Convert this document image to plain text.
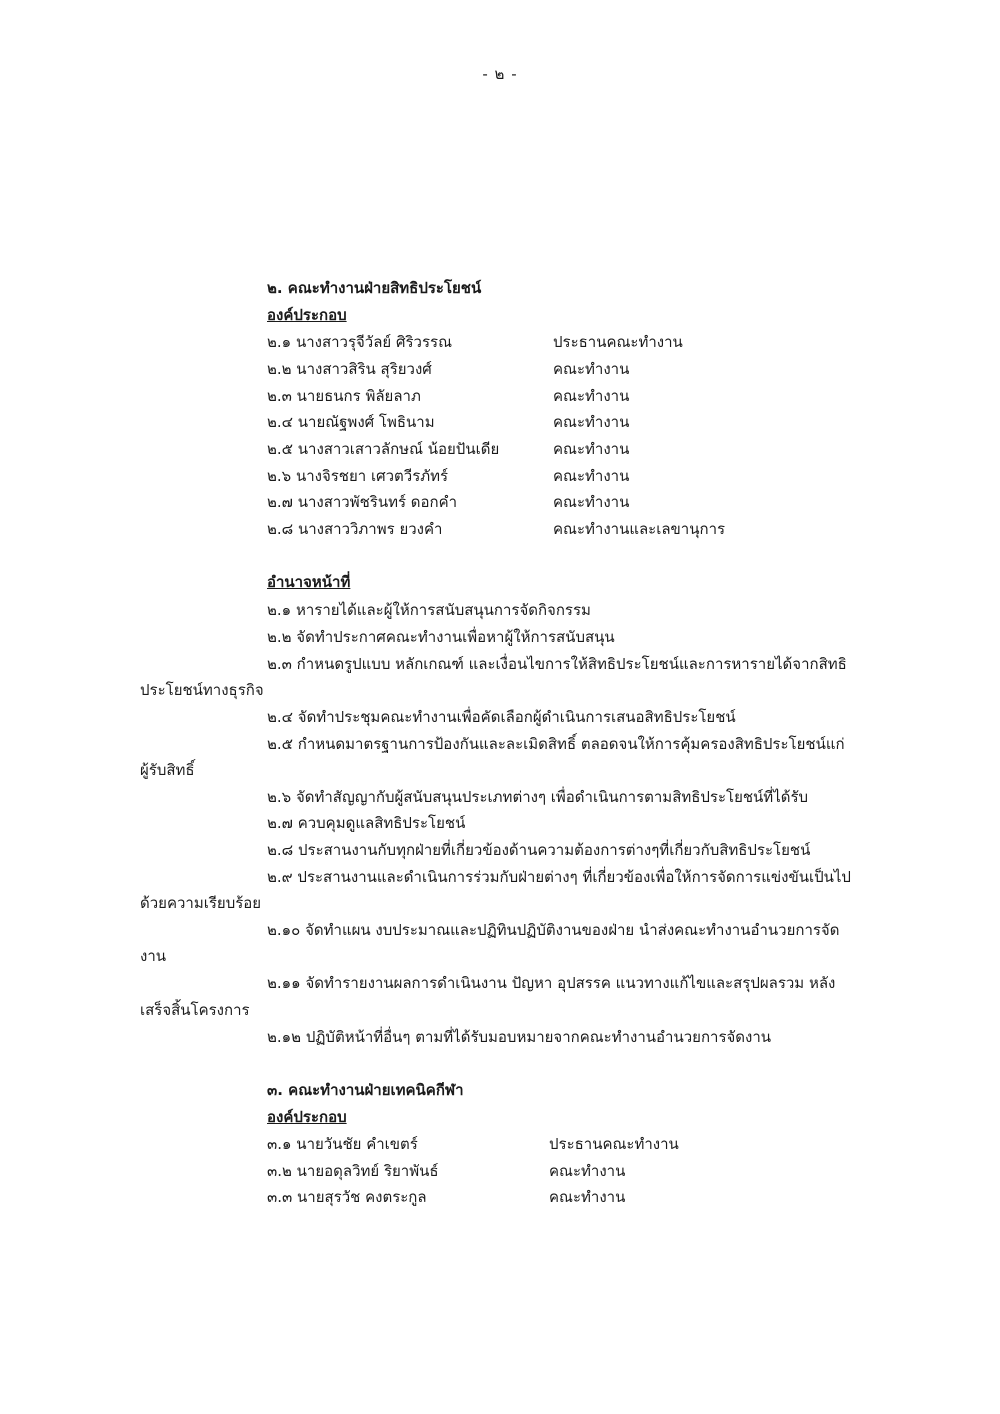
- ๒ -
๒. คณะทำงานฝ่ายสิทธิประโยชน์
องค์ประกอบ
๒.๑ นางสาวรุจีวัลย์ ศิริวรรณ	ประธานคณะทำงาน
๒.๒ นางสาวสิริน สุริยวงศ์	คณะทำงาน
๒.๓ นายธนกร พิลัยลาภ	คณะทำงาน
๒.๔ นายณัฐพงศ์ โพธินาม	คณะทำงาน
๒.๕ นางสาวเสาวลักษณ์ น้อยปันเดีย	คณะทำงาน
๒.๖ นางจิรชยา เศวตวีรภัทร์	คณะทำงาน
๒.๗ นางสาวพัชรินทร์ ดอกคำ	คณะทำงาน
๒.๘ นางสาววิภาพร ยวงคำ	คณะทำงานและเลขานุการ
อำนาจหน้าที่
๒.๑ หารายได้และผู้ให้การสนับสนุนการจัดกิจกรรม
๒.๒ จัดทำประกาศคณะทำงานเพื่อหาผู้ให้การสนับสนุน
๒.๓ กำหนดรูปแบบ หลักเกณฑ์ และเงื่อนไขการให้สิทธิประโยชน์และการหารายได้จากสิทธิ
ประโยชน์ทางธุรกิจ
๒.๔ จัดทำประชุมคณะทำงานเพื่อคัดเลือกผู้ดำเนินการเสนอสิทธิประโยชน์
๒.๕ กำหนดมาตรฐานการป้องกันและละเมิดสิทธิ์ ตลอดจนให้การคุ้มครองสิทธิประโยชน์แก่
ผู้รับสิทธิ์
๒.๖ จัดทำสัญญากับผู้สนับสนุนประเภทต่างๆ เพื่อดำเนินการตามสิทธิประโยชน์ที่ได้รับ
๒.๗ ควบคุมดูแลสิทธิประโยชน์
๒.๘ ประสานงานกับทุกฝ่ายที่เกี่ยวข้องด้านความต้องการต่างๆที่เกี่ยวกับสิทธิประโยชน์
๒.๙ ประสานงานและดำเนินการร่วมกับฝ่ายต่างๆ ที่เกี่ยวข้องเพื่อให้การจัดการแข่งขันเป็นไป
ด้วยความเรียบร้อย
๒.๑๐ จัดทำแผน งบประมาณและปฏิทินปฏิบัติงานของฝ่าย นำส่งคณะทำงานอำนวยการจัด
งาน
๒.๑๑ จัดทำรายงานผลการดำเนินงาน ปัญหา อุปสรรค แนวทางแก้ไขและสรุปผลรวม หลัง
เสร็จสิ้นโครงการ
๒.๑๒ ปฏิบัติหน้าที่อื่นๆ ตามที่ได้รับมอบหมายจากคณะทำงานอำนวยการจัดงาน
๓. คณะทำงานฝ่ายเทคนิคกีฬา
องค์ประกอบ
๓.๑ นายวันชัย คำเขตร์	ประธานคณะทำงาน
๓.๒ นายอดุลวิทย์ ริยาพันธ์	คณะทำงาน
๓.๓ นายสุรวัช คงตระกูล	คณะทำงาน
